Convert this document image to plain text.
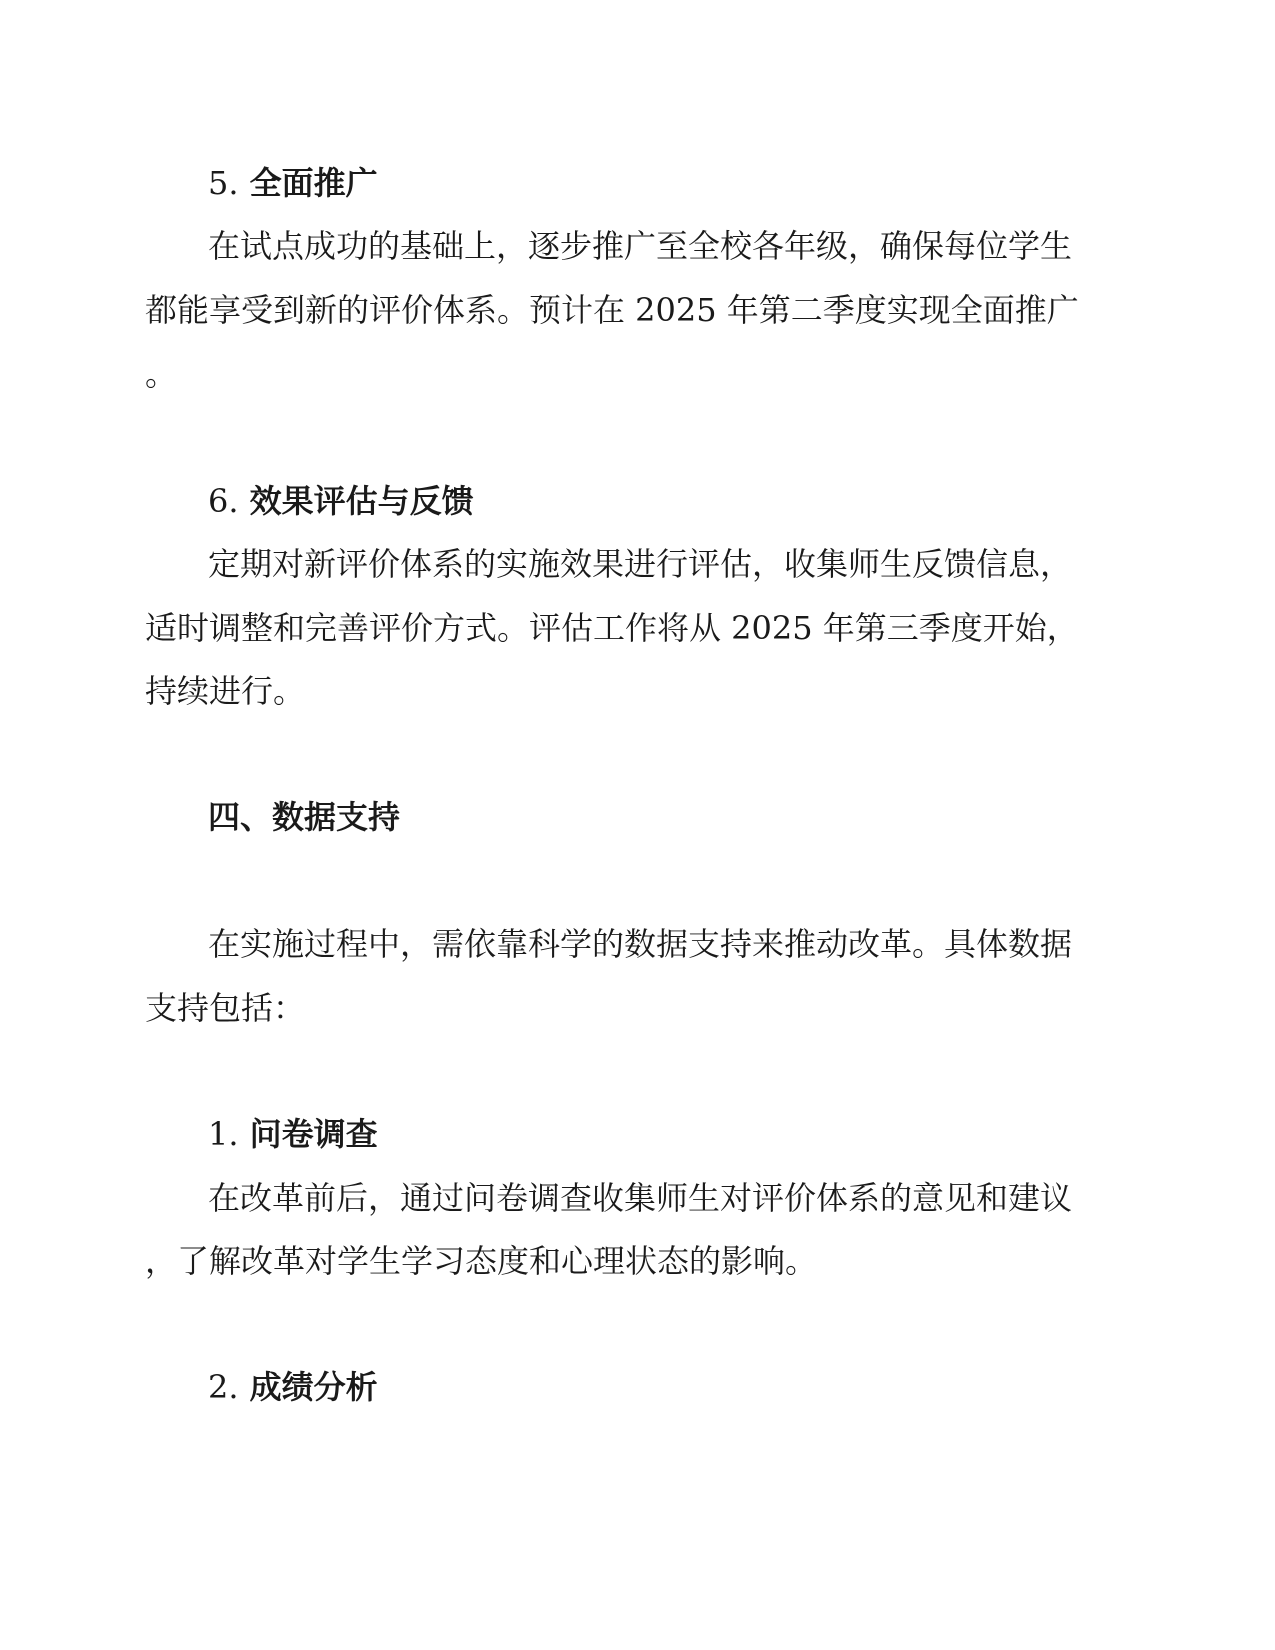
5. 全面推广

在试点成功的基础上，逐步推广至全校各年级，确保每位学生

都能享受到新的评价体系。预计在 2025 年第二季度实现全面推广

。

6. 效果评估与反馈

定期对新评价体系的实施效果进行评估，收集师生反馈信息，

适时调整和完善评价方式。评估工作将从 2025 年第三季度开始，

持续进行。

四、数据支持

在实施过程中，需依靠科学的数据支持来推动改革。具体数据

支持包括：

1. 问卷调查

在改革前后，通过问卷调查收集师生对评价体系的意见和建议

，了解改革对学生学习态度和心理状态的影响。

2. 成绩分析
